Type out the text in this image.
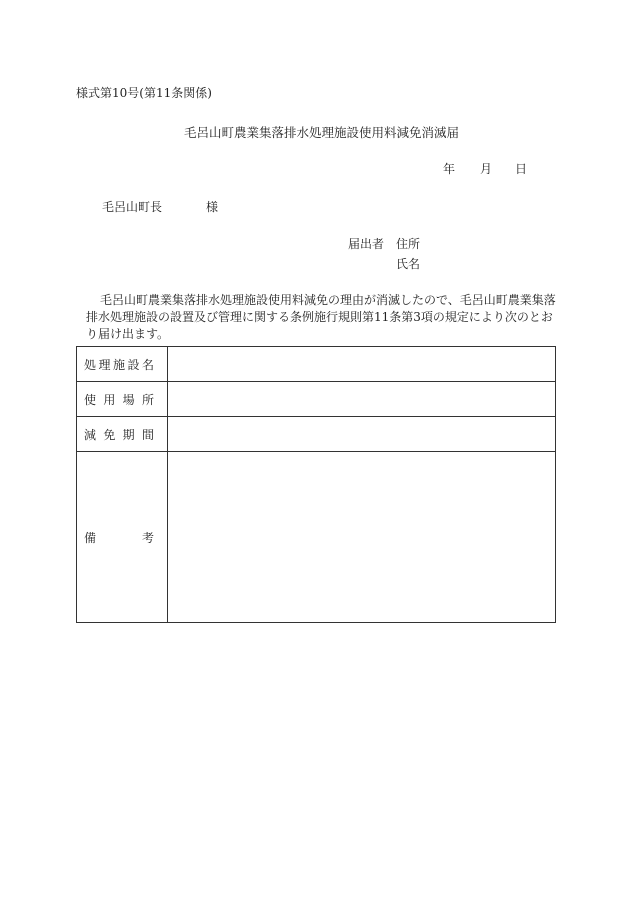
様式第10号(第11条関係)
毛呂山町農業集落排水処理施設使用料減免消滅届
年 月 日
毛呂山町長	様
届出者 住所
氏名
毛呂山町農業集落排水処理施設使用料減免の理由が消滅したので、毛呂山町農業集落
排水処理施設の設置及び管理に関する条例施行規則第11条第3項の規定により次のとお
り届け出ます。
処理施設名	

使用場所	

減免期間	

備考	
